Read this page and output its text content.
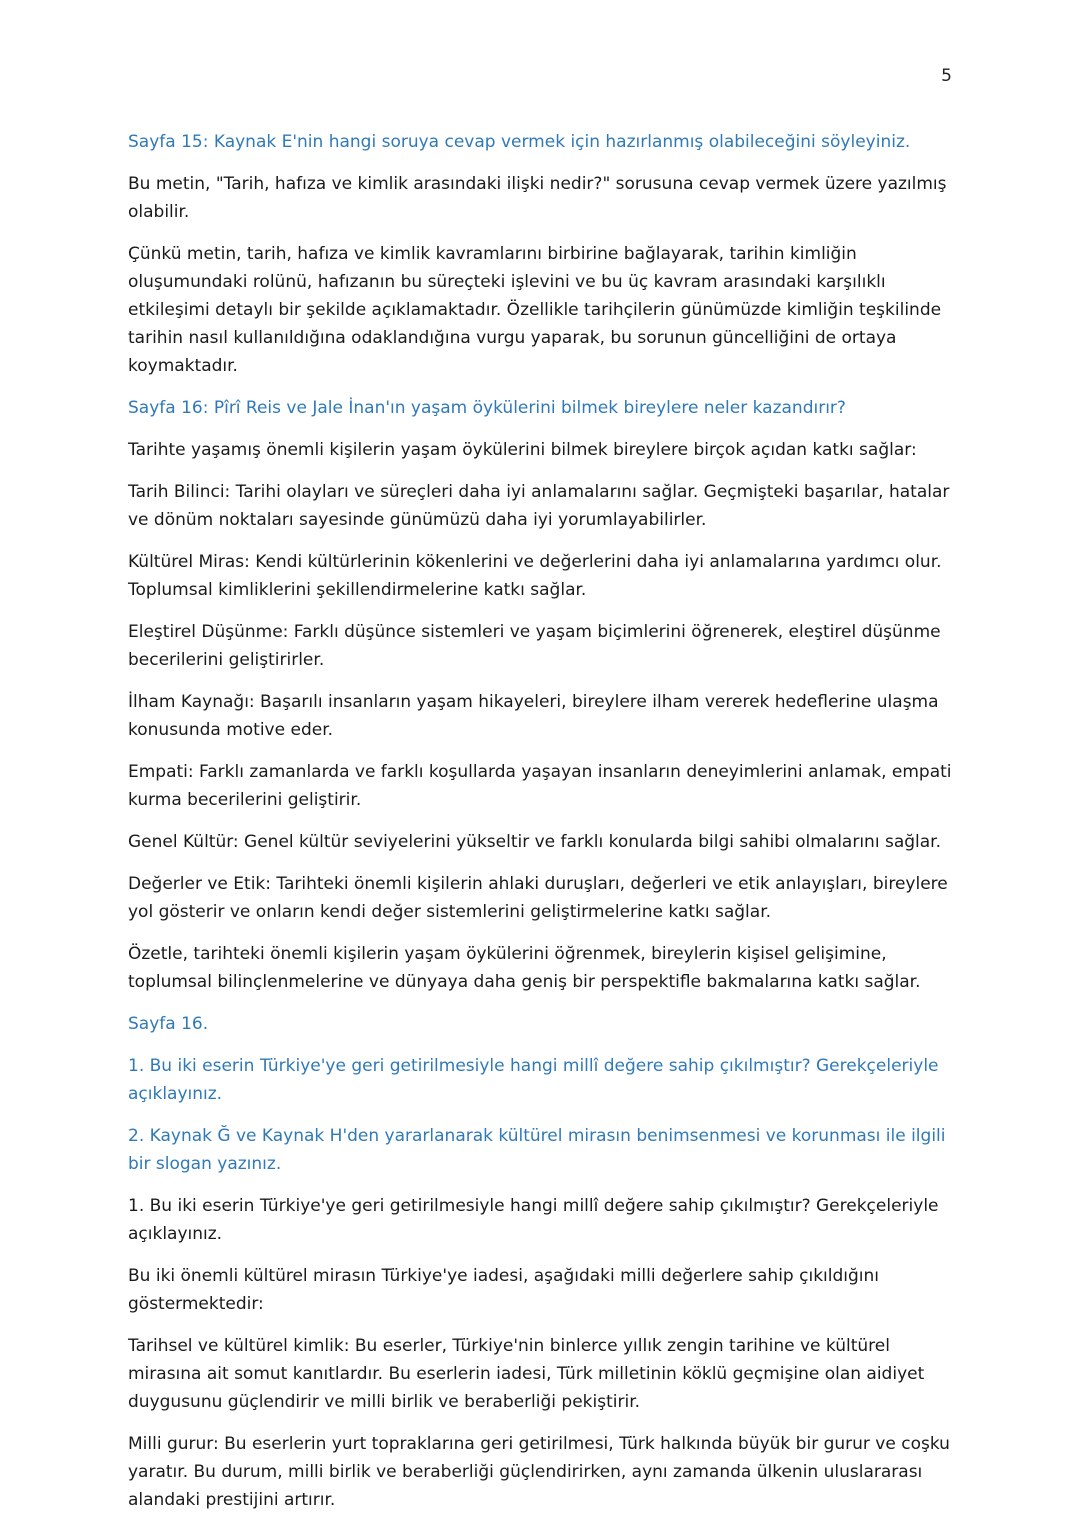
5

Sayfa 15: Kaynak E'nin hangi soruya cevap vermek için hazırlanmış olabileceğini söyleyiniz.

Bu metin, "Tarih, hafıza ve kimlik arasındaki ilişki nedir?" sorusuna cevap vermek üzere yazılmış olabilir.

Çünkü metin, tarih, hafıza ve kimlik kavramlarını birbirine bağlayarak, tarihin kimliğin oluşumundaki rolünü, hafızanın bu süreçteki işlevini ve bu üç kavram arasındaki karşılıklı etkileşimi detaylı bir şekilde açıklamaktadır. Özellikle tarihçilerin günümüzde kimliğin teşkilinde tarihin nasıl kullanıldığına odaklandığına vurgu yaparak, bu sorunun güncelliğini de ortaya koymaktadır.

Sayfa 16: Pîrî Reis ve Jale İnan'ın yaşam öykülerini bilmek bireylere neler kazandırır?

Tarihte yaşamış önemli kişilerin yaşam öykülerini bilmek bireylere birçok açıdan katkı sağlar:

Tarih Bilinci: Tarihi olayları ve süreçleri daha iyi anlamalarını sağlar. Geçmişteki başarılar, hatalar ve dönüm noktaları sayesinde günümüzü daha iyi yorumlayabilirler.

Kültürel Miras: Kendi kültürlerinin kökenlerini ve değerlerini daha iyi anlamalarına yardımcı olur. Toplumsal kimliklerini şekillendirmelerine katkı sağlar.

Eleştirel Düşünme: Farklı düşünce sistemleri ve yaşam biçimlerini öğrenerek, eleştirel düşünme becerilerini geliştirirler.

İlham Kaynağı: Başarılı insanların yaşam hikayeleri, bireylere ilham vererek hedeflerine ulaşma konusunda motive eder.

Empati: Farklı zamanlarda ve farklı koşullarda yaşayan insanların deneyimlerini anlamak, empati kurma becerilerini geliştirir.

Genel Kültür: Genel kültür seviyelerini yükseltir ve farklı konularda bilgi sahibi olmalarını sağlar.

Değerler ve Etik: Tarihteki önemli kişilerin ahlaki duruşları, değerleri ve etik anlayışları, bireylere yol gösterir ve onların kendi değer sistemlerini geliştirmelerine katkı sağlar.

Özetle, tarihteki önemli kişilerin yaşam öykülerini öğrenmek, bireylerin kişisel gelişimine, toplumsal bilinçlenmelerine ve dünyaya daha geniş bir perspektifle bakmalarına katkı sağlar.

Sayfa 16.

1. Bu iki eserin Türkiye'ye geri getirilmesiyle hangi millî değere sahip çıkılmıştır? Gerekçeleriyle açıklayınız.

2. Kaynak Ğ ve Kaynak H'den yararlanarak kültürel mirasın benimsenmesi ve korunması ile ilgili bir slogan yazınız.

1. Bu iki eserin Türkiye'ye geri getirilmesiyle hangi millî değere sahip çıkılmıştır? Gerekçeleriyle açıklayınız.

Bu iki önemli kültürel mirasın Türkiye'ye iadesi, aşağıdaki milli değerlere sahip çıkıldığını göstermektedir:

Tarihsel ve kültürel kimlik: Bu eserler, Türkiye'nin binlerce yıllık zengin tarihine ve kültürel mirasına ait somut kanıtlardır. Bu eserlerin iadesi, Türk milletinin köklü geçmişine olan aidiyet duygusunu güçlendirir ve milli birlik ve beraberliği pekiştirir.

Milli gurur: Bu eserlerin yurt topraklarına geri getirilmesi, Türk halkında büyük bir gurur ve coşku yaratır. Bu durum, milli birlik ve beraberliği güçlendirirken, aynı zamanda ülkenin uluslararası alandaki prestijini artırır.
